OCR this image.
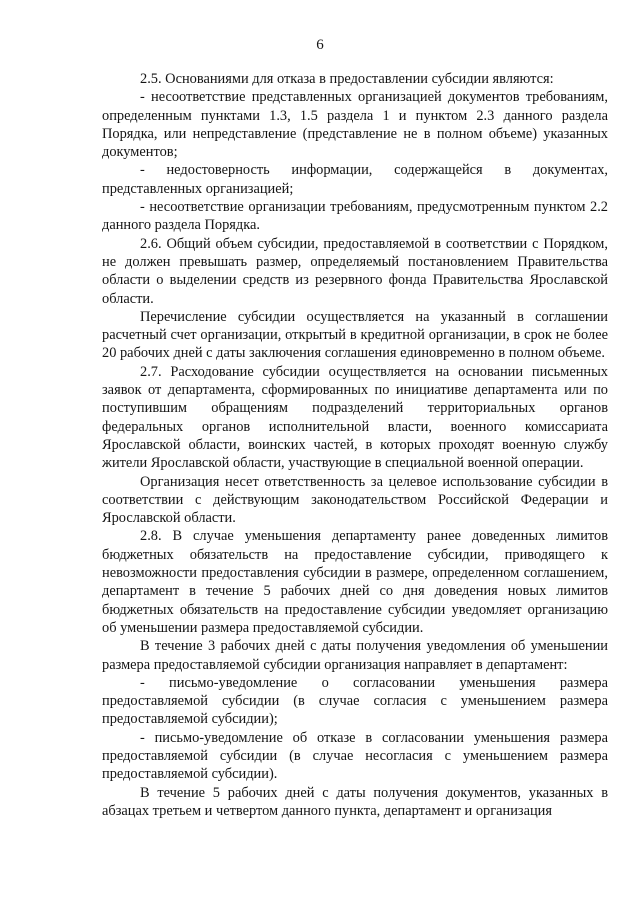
6

2.5. Основаниями для отказа в предоставлении субсидии являются:

- несоответствие представленных организацией документов требованиям, определенным пунктами 1.3, 1.5 раздела 1 и пунктом 2.3 данного раздела Порядка, или непредставление (представление не в полном объеме) указанных документов;

- недостоверность информации, содержащейся в документах, представленных организацией;

- несоответствие организации требованиям, предусмотренным пунктом 2.2 данного раздела Порядка.

2.6. Общий объем субсидии, предоставляемой в соответствии с Порядком, не должен превышать размер, определяемый постановлением Правительства области о выделении средств из резервного фонда Правительства Ярославской области.

Перечисление субсидии осуществляется на указанный в соглашении расчетный счет организации, открытый в кредитной организации, в срок не более 20 рабочих дней с даты заключения соглашения единовременно в полном объеме.

2.7. Расходование субсидии осуществляется на основании письменных заявок от департамента, сформированных по инициативе департамента или по поступившим обращениям подразделений территориальных органов федеральных органов исполнительной власти, военного комиссариата Ярославской области, воинских частей, в которых проходят военную службу жители Ярославской области, участвующие в специальной военной операции.

Организация несет ответственность за целевое использование субсидии в соответствии с действующим законодательством Российской Федерации и Ярославской области.

2.8. В случае уменьшения департаменту ранее доведенных лимитов бюджетных обязательств на предоставление субсидии, приводящего к невозможности предоставления субсидии в размере, определенном соглашением, департамент в течение 5 рабочих дней со дня доведения новых лимитов бюджетных обязательств на предоставление субсидии уведомляет организацию об уменьшении размера предоставляемой субсидии.

В течение 3 рабочих дней с даты получения уведомления об уменьшении размера предоставляемой субсидии организация направляет в департамент:

- письмо-уведомление о согласовании уменьшения размера предоставляемой субсидии (в случае согласия с уменьшением размера предоставляемой субсидии);

- письмо-уведомление об отказе в согласовании уменьшения размера предоставляемой субсидии (в случае несогласия с уменьшением размера предоставляемой субсидии).

В течение 5 рабочих дней с даты получения документов, указанных в абзацах третьем и четвертом данного пункта, департамент и организация
